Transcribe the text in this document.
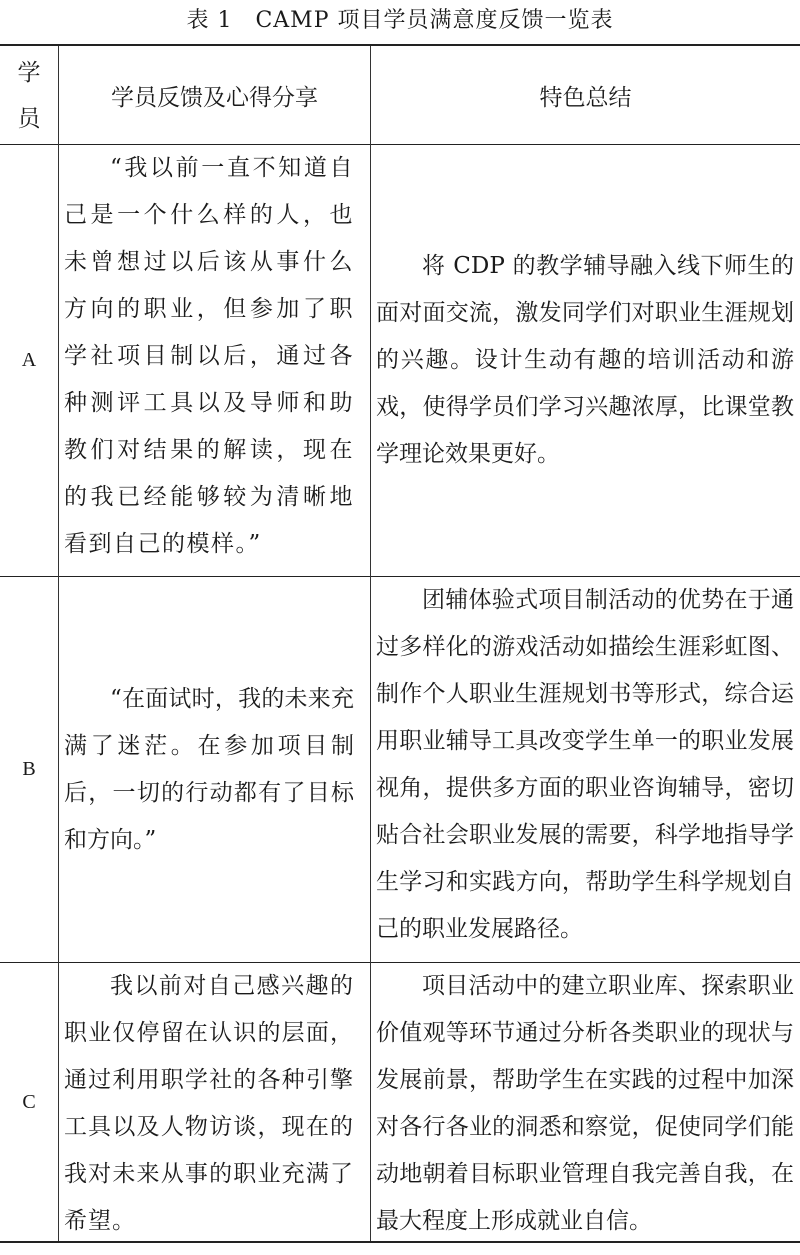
表 1　CAMP 项目学员满意度反馈一览表
学员
学员反馈及心得分享	特色总结
A
“我以前一直不知道自己是一个什么样的人，也未曾想过以后该从事什么方向的职业，但参加了职学社项目制以后，通过各种测评工具以及导师和助教们对结果的解读，现在的我已经能够较为清晰地看到自己的模样。”
将 CDP 的教学辅导融入线下师生的面对面交流，激发同学们对职业生涯规划的兴趣。设计生动有趣的培训活动和游戏，使得学员们学习兴趣浓厚，比课堂教学理论效果更好。
B
“在面试时，我的未来充满了迷茫。在参加项目制后，一切的行动都有了目标和方向。”
团辅体验式项目制活动的优势在于通过多样化的游戏活动如描绘生涯彩虹图、制作个人职业生涯规划书等形式，综合运用职业辅导工具改变学生单一的职业发展视角，提供多方面的职业咨询辅导，密切贴合社会职业发展的需要，科学地指导学生学习和实践方向，帮助学生科学规划自己的职业发展路径。
C
我以前对自己感兴趣的职业仅停留在认识的层面，通过利用职学社的各种引擎工具以及人物访谈，现在的我对未来从事的职业充满了希望。
项目活动中的建立职业库、探索职业价值观等环节通过分析各类职业的现状与发展前景，帮助学生在实践的过程中加深对各行各业的洞悉和察觉，促使同学们能动地朝着目标职业管理自我完善自我，在最大程度上形成就业自信。
